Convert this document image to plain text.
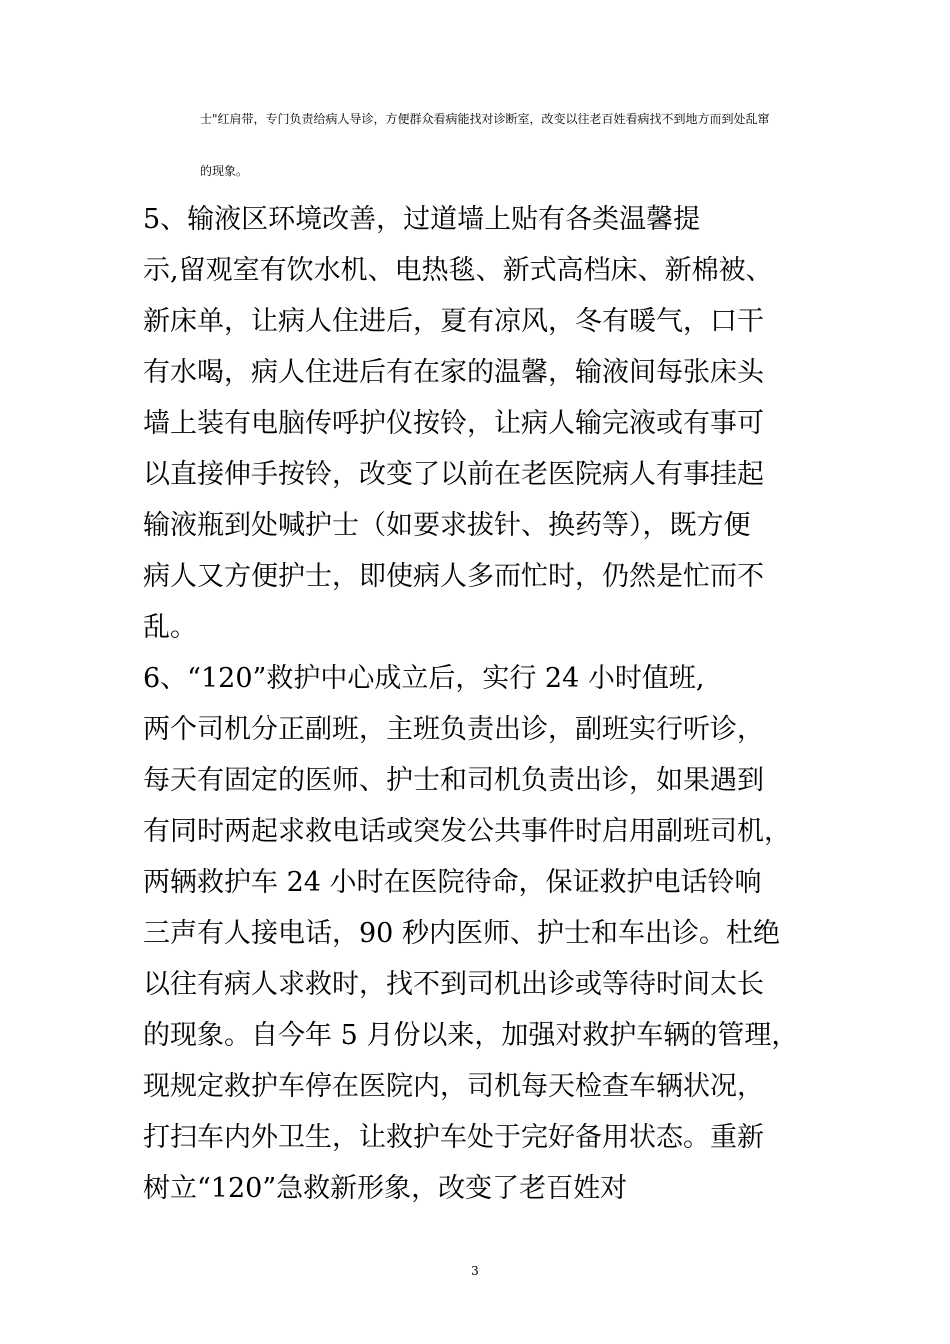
士"红肩带，专门负责给病人导诊，方便群众看病能找对诊断室，改变以往老百姓看病找不到地方而到处乱窜
的现象。
5、输液区环境改善，过道墙上贴有各类温馨提
示,留观室有饮水机、电热毯、新式高档床、新棉被、
新床单，让病人住进后，夏有凉风，冬有暖气，口干
有水喝，病人住进后有在家的温馨，输液间每张床头
墙上装有电脑传呼护仪按铃，让病人输完液或有事可
以直接伸手按铃，改变了以前在老医院病人有事挂起
输液瓶到处喊护士（如要求拔针、换药等），既方便
病人又方便护士，即使病人多而忙时，仍然是忙而不
乱。
6、“120”救护中心成立后，实行 24 小时值班,
两个司机分正副班，主班负责出诊，副班实行听诊，
每天有固定的医师、护士和司机负责出诊，如果遇到
有同时两起求救电话或突发公共事件时启用副班司机，
两辆救护车 24 小时在医院待命，保证救护电话铃响
三声有人接电话，90 秒内医师、护士和车出诊。杜绝
以往有病人求救时，找不到司机出诊或等待时间太长
的现象。自今年 5 月份以来，加强对救护车辆的管理，
现规定救护车停在医院内，司机每天检查车辆状况，
打扫车内外卫生，让救护车处于完好备用状态。重新
树立“120”急救新形象，改变了老百姓对
3
